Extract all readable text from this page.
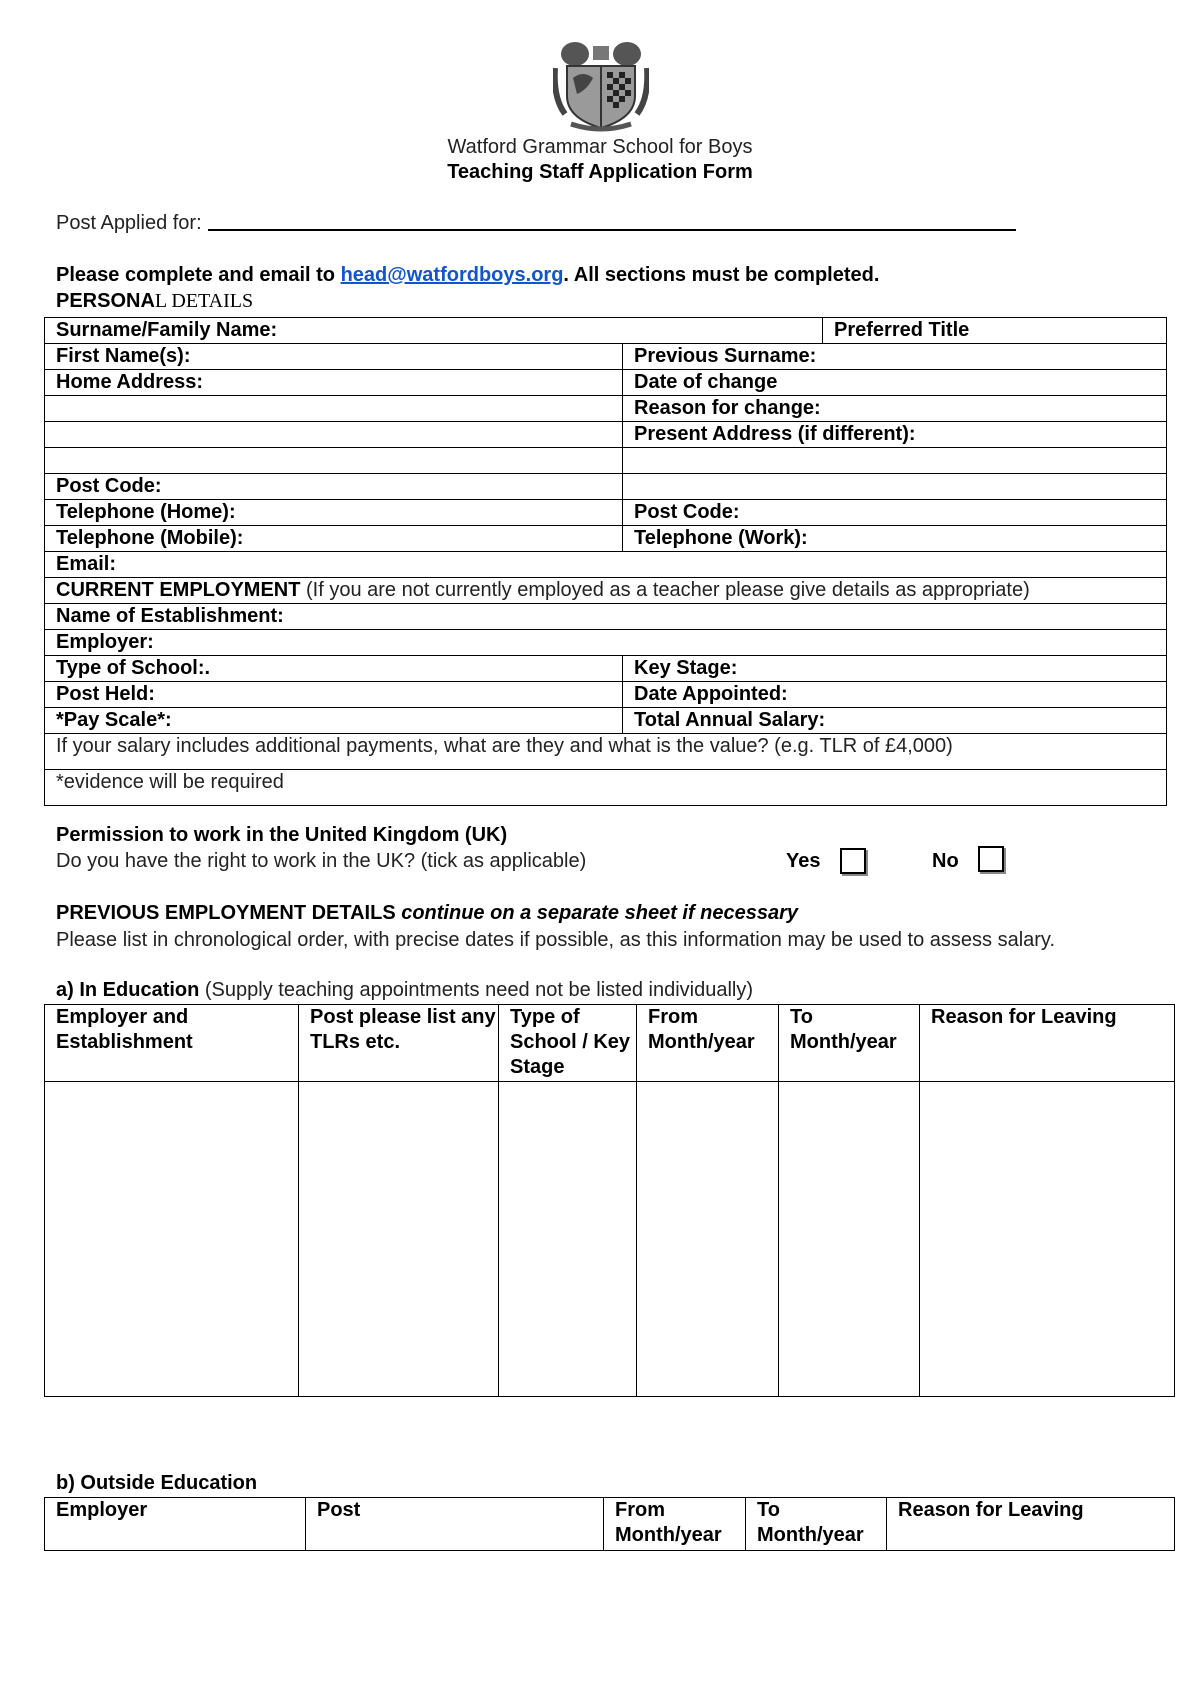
Watford Grammar School for Boys
Teaching Staff Application Form
Post Applied for:
Please complete and email to head@watfordboys.org. All sections must be completed.
PERSONAL DETAILS
Surname/Family Name:		Preferred Title
First Name(s):	Previous Surname:	
Home Address:	Date of change	
	Reason for change:	
	Present Address (if different):	

Post Code:		
Telephone (Home):	Post Code:	
Telephone (Mobile):	Telephone (Work):	
Email:		
CURRENT EMPLOYMENT (If you are not currently employed as a teacher please give details as appropriate)		
Name of Establishment:		
Employer:		
Type of School:.	Key Stage:	
Post Held:	Date Appointed:	
*Pay Scale*:	Total Annual Salary:	
If your salary includes additional payments, what are they and what is the value? (e.g. TLR of £4,000)		
*evidence will be required		
Permission to work in the United Kingdom (UK)
Do you have the right to work in the UK? (tick as applicable)	Yes	No
PREVIOUS EMPLOYMENT DETAILS continue on a separate sheet if necessary
Please list in chronological order, with precise dates if possible, as this information may be used to assess salary.
a) In Education (Supply teaching appointments need not be listed individually)
Employer and Establishment	Post please list any TLRs etc.	Type of School / Key Stage	From Month/year	To Month/year	Reason for Leaving

b) Outside Education
Employer	Post	From Month/year	To Month/year	Reason for Leaving
